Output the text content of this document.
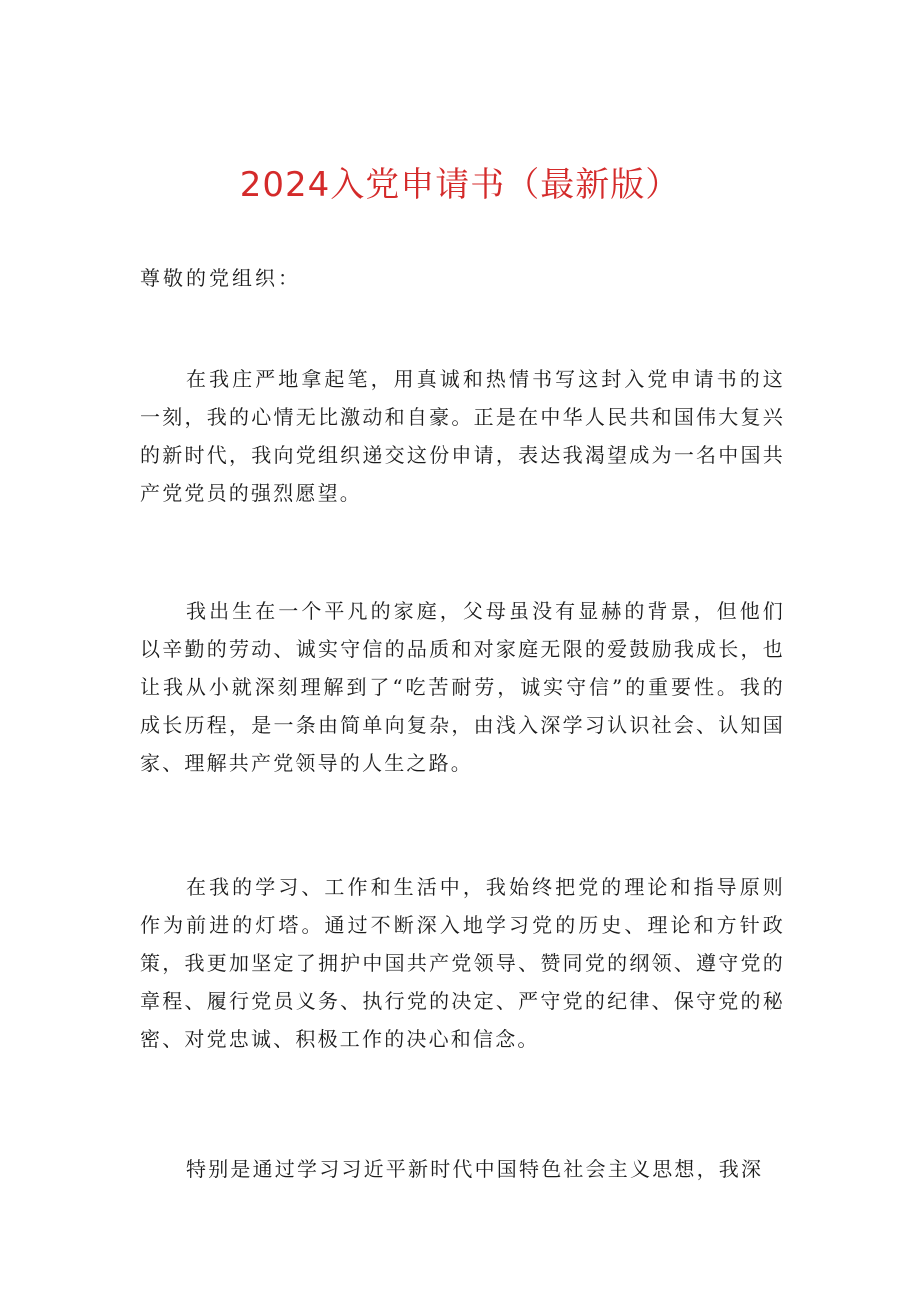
2024入党申请书（最新版）
尊敬的党组织：

在我庄严地拿起笔，用真诚和热情书写这封入党申请书的这一刻，我的心情无比激动和自豪。正是在中华人民共和国伟大复兴的新时代，我向党组织递交这份申请，表达我渴望成为一名中国共产党党员的强烈愿望。

我出生在一个平凡的家庭，父母虽没有显赫的背景，但他们以辛勤的劳动、诚实守信的品质和对家庭无限的爱鼓励我成长，也让我从小就深刻理解到了“吃苦耐劳，诚实守信”的重要性。我的成长历程，是一条由简单向复杂，由浅入深学习认识社会、认知国家、理解共产党领导的人生之路。

在我的学习、工作和生活中，我始终把党的理论和指导原则作为前进的灯塔。通过不断深入地学习党的历史、理论和方针政策，我更加坚定了拥护中国共产党领导、赞同党的纲领、遵守党的章程、履行党员义务、执行党的决定、严守党的纪律、保守党的秘密、对党忠诚、积极工作的决心和信念。

特别是通过学习习近平新时代中国特色社会主义思想，我深
